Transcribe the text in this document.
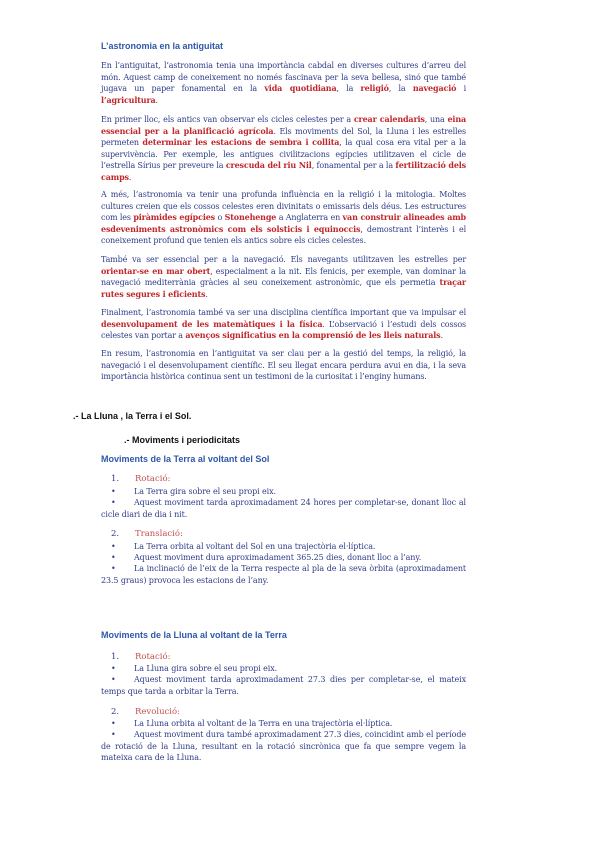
L’astronomia en la antiguitat
En l’antiguitat, l’astronomia tenia una importància cabdal en diverses cultures d’arreu del món. Aquest camp de coneixement no només fascinava per la seva bellesa, sinó que també jugava un paper fonamental en la vida quotidiana, la religió, la navegació i l’agricultura.
En primer lloc, els antics van observar els cicles celestes per a crear calendaris, una eina essencial per a la planificació agrícola. Els moviments del Sol, la Lluna i les estrelles permeten determinar les estacions de sembra i collita, la qual cosa era vital per a la supervivència. Per exemple, les antigues civilitzacions egípcies utilitzaven el cicle de l’estrella Sírius per preveure la crescuda del riu Nil, fonamental per a la fertilització dels camps.
A més, l’astronomia va tenir una profunda influència en la religió i la mitologia. Moltes cultures creien que els cossos celestes eren divinitats o emissaris dels déus. Les estructures com les piràmides egípcies o Stonehenge a Anglaterra en van construir alineades amb esdeveniments astronòmics com els solsticis i equinoccis, demostrant l’interès i el coneixement profund que tenien els antics sobre els cicles celestes.
També va ser essencial per a la navegació. Els navegants utilitzaven les estrelles per orientar-se en mar obert, especialment a la nit. Els fenicis, per exemple, van dominar la navegació mediterrània gràcies al seu coneixement astronòmic, que els permetia traçar rutes segures i eficients.
Finalment, l’astronomia també va ser una disciplina científica important que va impulsar el desenvolupament de les matemàtiques i la física. L’observació i l’estudi dels cossos celestes van portar a avenços significatius en la comprensió de les lleis naturals.
En resum, l’astronomia en l’antiguitat va ser clau per a la gestió del temps, la religió, la navegació i el desenvolupament científic. El seu llegat encara perdura avui en dia, i la seva importància històrica continua sent un testimoni de la curiositat i l’enginy humans.
.- La Lluna , la Terra i el Sol.
.- Moviments i periodicitats
Moviments de la Terra al voltant del Sol
1. Rotació:
• La Terra gira sobre el seu propi eix.
• Aquest moviment tarda aproximadament 24 hores per completar-se, donant lloc al cicle diari de dia i nit.
2. Translació:
• La Terra orbita al voltant del Sol en una trajectòria el·líptica.
• Aquest moviment dura aproximadament 365.25 dies, donant lloc a l’any.
• La inclinació de l’eix de la Terra respecte al pla de la seva òrbita (aproximadament 23.5 graus) provoca les estacions de l’any.
Moviments de la Lluna al voltant de la Terra
1. Rotació:
• La Lluna gira sobre el seu propi eix.
• Aquest moviment tarda aproximadament 27.3 dies per completar-se, el mateix temps que tarda a orbitar la Terra.
2. Revolució:
• La Lluna orbita al voltant de la Terra en una trajectòria el·líptica.
• Aquest moviment dura també aproximadament 27.3 dies, coincidint amb el període de rotació de la Lluna, resultant en la rotació sincrònica que fa que sempre vegem la mateixa cara de la Lluna.
